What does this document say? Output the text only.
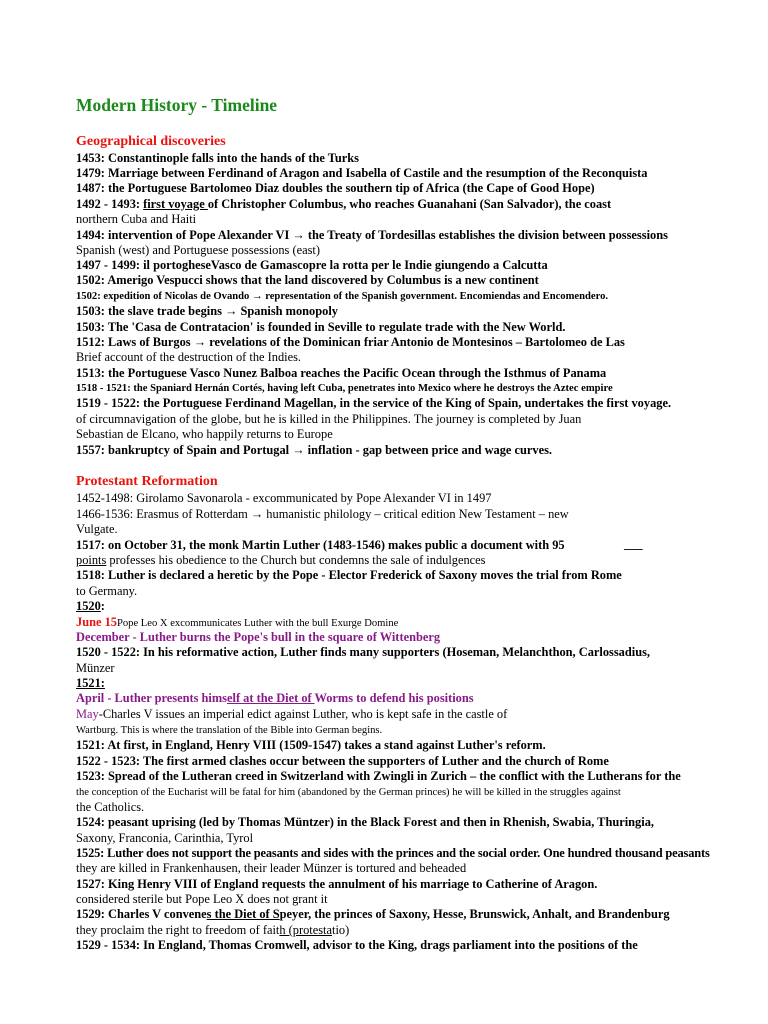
Modern History - Timeline
Geographical discoveries
1453: Constantinople falls into the hands of the Turks
1479: Marriage between Ferdinand of Aragon and Isabella of Castile and the resumption of the Reconquista
1487: the Portuguese Bartolomeo Diaz doubles the southern tip of Africa (the Cape of Good Hope)
1492 - 1493: first voyage of Christopher Columbus, who reaches Guanahani (San Salvador), the coast
northern Cuba and Haiti
1494: intervention of Pope Alexander VI → the Treaty of Tordesillas establishes the division between possessions
Spanish (west) and Portuguese possessions (east)
1497 - 1499: il portogheseVasco de Gamascopre la rotta per le Indie giungendo a Calcutta
1502: Amerigo Vespucci shows that the land discovered by Columbus is a new continent
1502: expedition of Nicolas de Ovando → representation of the Spanish government. Encomiendas and Encomendero.
1503: the slave trade begins → Spanish monopoly
1503: The 'Casa de Contratacion' is founded in Seville to regulate trade with the New World.
1512: Laws of Burgos → revelations of the Dominican friar Antonio de Montesinos – Bartolomeo de Las
Brief account of the destruction of the Indies.
1513: the Portuguese Vasco Nunez Balboa reaches the Pacific Ocean through the Isthmus of Panama
1518 - 1521: the Spaniard Hernán Cortés, having left Cuba, penetrates into Mexico where he destroys the Aztec empire
1519 - 1522: the Portuguese Ferdinand Magellan, in the service of the King of Spain, undertakes the first voyage.
of circumnavigation of the globe, but he is killed in the Philippines. The journey is completed by Juan
Sebastian de Elcano, who happily returns to Europe
1557: bankruptcy of Spain and Portugal → inflation - gap between price and wage curves.
Protestant Reformation
1452-1498: Girolamo Savonarola - excommunicated by Pope Alexander VI in 1497
1466-1536: Erasmus of Rotterdam → humanistic philology – critical edition New Testament – new
Vulgate.
1517: on October 31, the monk Martin Luther (1483-1546) makes public a document with 95	___
points professes his obedience to the Church but condemns the sale of indulgences
1518: Luther is declared a heretic by the Pope - Elector Frederick of Saxony moves the trial from Rome
to Germany.
1520:
June 15Pope Leo X excommunicates Luther with the bull Exurge Domine
December - Luther burns the Pope's bull in the square of Wittenberg
1520 - 1522: In his reformative action, Luther finds many supporters (Hoseman, Melanchthon, Carlossadius,
Münzer
1521:
April - Luther presents himself at the Diet of Worms to defend his positions
May-Charles V issues an imperial edict against Luther, who is kept safe in the castle of
Wartburg. This is where the translation of the Bible into German begins.
1521: At first, in England, Henry VIII (1509-1547) takes a stand against Luther's reform.
1522 - 1523: The first armed clashes occur between the supporters of Luther and the church of Rome
1523: Spread of the Lutheran creed in Switzerland with Zwingli in Zurich – the conflict with the Lutherans for the
the conception of the Eucharist will be fatal for him (abandoned by the German princes) he will be killed in the struggles against
the Catholics.
1524: peasant uprising (led by Thomas Müntzer) in the Black Forest and then in Rhenish, Swabia, Thuringia,
Saxony, Franconia, Carinthia, Tyrol
1525: Luther does not support the peasants and sides with the princes and the social order. One hundred thousand peasants
they are killed in Frankenhausen, their leader Münzer is tortured and beheaded
1527: King Henry VIII of England requests the annulment of his marriage to Catherine of Aragon.
considered sterile but Pope Leo X does not grant it
1529: Charles V convenes the Diet of Speyer, the princes of Saxony, Hesse, Brunswick, Anhalt, and Brandenburg
they proclaim the right to freedom of faith (protestatio)
1529 - 1534: In England, Thomas Cromwell, advisor to the King, drags parliament into the positions of the
